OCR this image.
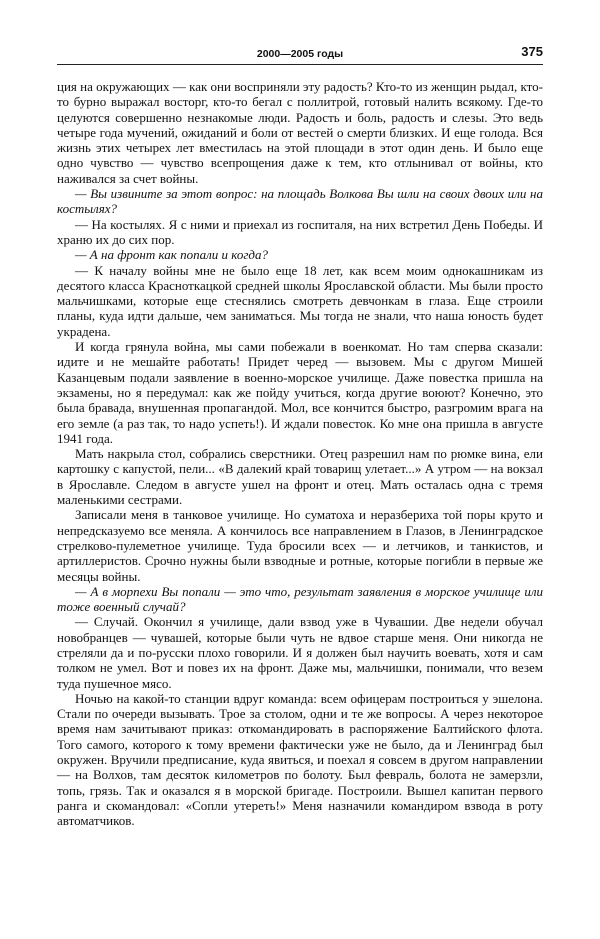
2000—2005 годы	375

ция на окружающих — как они восприняли эту радость? Кто-то из женщин рыдал, кто-то бурно выражал восторг, кто-то бегал с поллитрой, готовый налить всякому. Где-то целуются совершенно незнакомые люди. Радость и боль, радость и слезы. Это ведь четыре года мучений, ожиданий и боли от вестей о смерти близких. И еще голода. Вся жизнь этих четырех лет вместилась на этой площади в этот один день. И было еще одно чувство — чувство всепрощения даже к тем, кто отлынивал от войны, кто наживался за счет войны.

— Вы извините за этот вопрос: на площадь Волкова Вы шли на своих двоих или на костылях?

— На костылях. Я с ними и приехал из госпиталя, на них встретил День Победы. И храню их до сих пор.

— А на фронт как попали и когда?

— К началу войны мне не было еще 18 лет, как всем моим однокашникам из десятого класса Красноткацкой средней школы Ярославской области. Мы были просто мальчишками, которые еще стеснялись смотреть девчонкам в глаза. Еще строили планы, куда идти дальше, чем заниматься. Мы тогда не знали, что наша юность будет украдена.

И когда грянула война, мы сами побежали в военкомат. Но там сперва сказали: идите и не мешайте работать! Придет черед — вызовем. Мы с другом Мишей Казанцевым подали заявление в военно-морское училище. Даже повестка пришла на экзамены, но я передумал: как же пойду учиться, когда другие воюют? Конечно, это была бравада, внушенная пропагандой. Мол, все кончится быстро, разгромим врага на его земле (а раз так, то надо успеть!). И ждали повесток. Ко мне она пришла в августе 1941 года.

Мать накрыла стол, собрались сверстники. Отец разрешил нам по рюмке вина, ели картошку с капустой, пели... «В далекий край товарищ улетает...» А утром — на вокзал в Ярославле. Следом в августе ушел на фронт и отец. Мать осталась одна с тремя маленькими сестрами.

Записали меня в танковое училище. Но суматоха и неразбериха той поры круто и непредсказуемо все меняла. А кончилось все направлением в Глазов, в Ленинградское стрелково-пулеметное училище. Туда бросили всех — и летчиков, и танкистов, и артиллеристов. Срочно нужны были взводные и ротные, которые погибли в первые же месяцы войны.

— А в морпехи Вы попали — это что, результат заявления в морское училище или тоже военный случай?

— Случай. Окончил я училище, дали взвод уже в Чувашии. Две недели обучал новобранцев — чувашей, которые были чуть не вдвое старше меня. Они никогда не стреляли да и по-русски плохо говорили. И я должен был научить воевать, хотя и сам толком не умел. Вот и повез их на фронт. Даже мы, мальчишки, понимали, что везем туда пушечное мясо.

Ночью на какой-то станции вдруг команда: всем офицерам построиться у эшелона. Стали по очереди вызывать. Трое за столом, одни и те же вопросы. А через некоторое время нам зачитывают приказ: откомандировать в распоряжение Балтийского флота. Того самого, которого к тому времени фактически уже не было, да и Ленинград был окружен. Вручили предписание, куда явиться, и поехал я совсем в другом направлении — на Волхов, там десяток километров по болоту. Был февраль, болота не замерзли, топь, грязь. Так и оказался я в морской бригаде. Построили. Вышел капитан первого ранга и скомандовал: «Сопли утереть!» Меня назначили командиром взвода в роту автоматчиков.
